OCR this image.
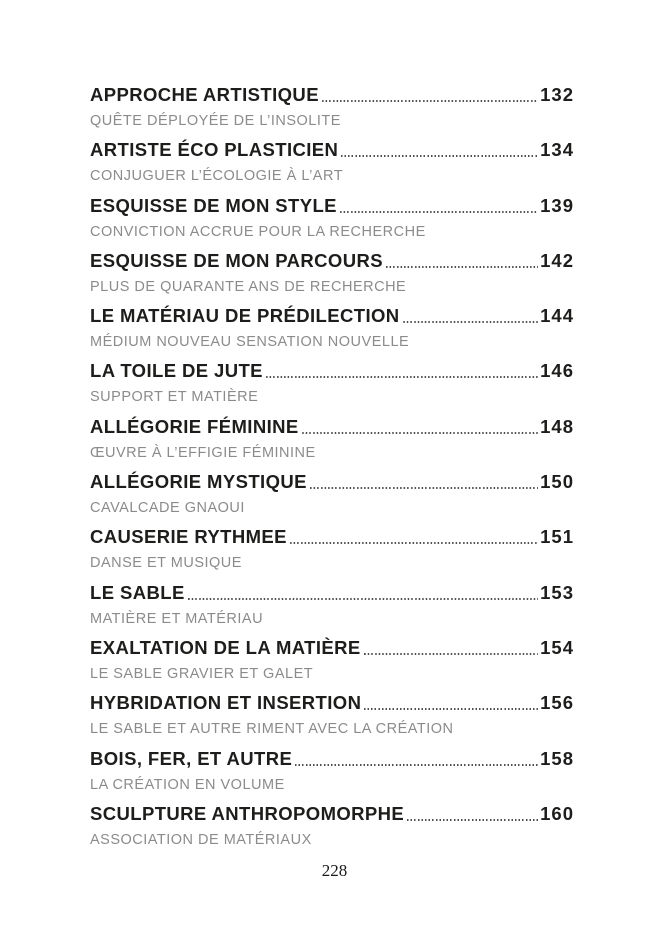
APPROCHE ARTISTIQUE	132
QUÊTE DÉPLOYÉE DE L’INSOLITE
ARTISTE ÉCO PLASTICIEN	134
CONJUGUER L’ÉCOLOGIE À L’ART
ESQUISSE DE MON STYLE	139
CONVICTION ACCRUE POUR LA RECHERCHE
ESQUISSE DE MON PARCOURS	142
PLUS DE QUARANTE ANS DE RECHERCHE
LE MATÉRIAU DE PRÉDILECTION	144
MÉDIUM NOUVEAU SENSATION NOUVELLE
LA TOILE DE JUTE	146
SUPPORT ET MATIÈRE
ALLÉGORIE FÉMININE	148
ŒUVRE À L’EFFIGIE FÉMININE
ALLÉGORIE MYSTIQUE	150
CAVALCADE GNAOUI
CAUSERIE RYTHMEE	151
DANSE ET MUSIQUE
LE SABLE	153
MATIÈRE ET MATÉRIAU
EXALTATION DE LA MATIÈRE	154
LE SABLE GRAVIER ET GALET
HYBRIDATION ET INSERTION	156
LE SABLE ET AUTRE RIMENT AVEC LA CRÉATION
BOIS, FER, ET AUTRE	158
LA CRÉATION EN VOLUME
SCULPTURE ANTHROPOMORPHE	160
ASSOCIATION DE MATÉRIAUX
228
